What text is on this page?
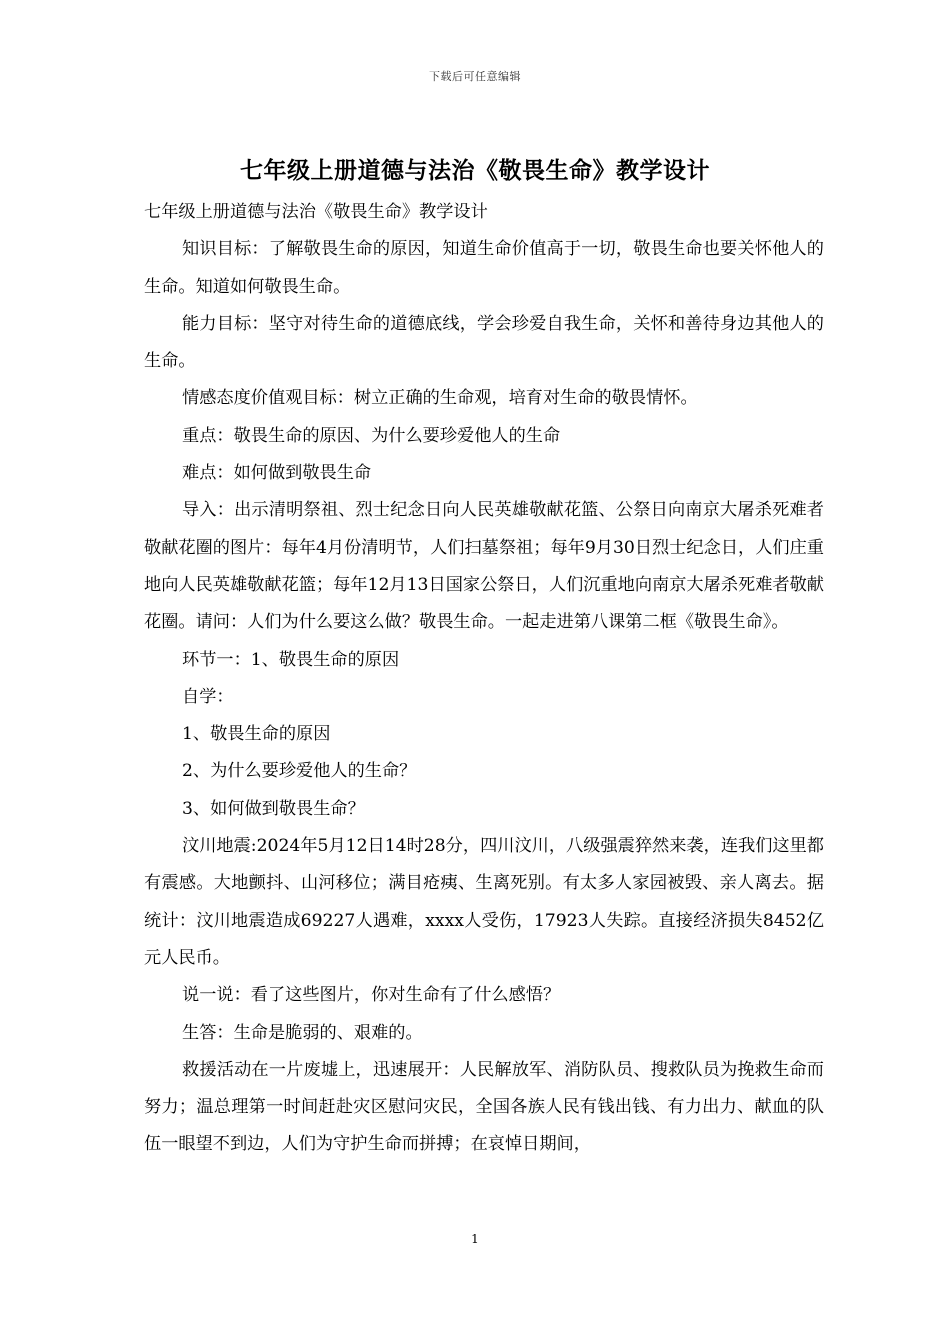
下载后可任意编辑
七年级上册道德与法治《敬畏生命》教学设计

七年级上册道德与法治《敬畏生命》教学设计

知识目标：了解敬畏生命的原因，知道生命价值高于一切，敬畏生命也要关怀他人的生命。知道如何敬畏生命。

能力目标：坚守对待生命的道德底线，学会珍爱自我生命，关怀和善待身边其他人的生命。

情感态度价值观目标：树立正确的生命观，培育对生命的敬畏情怀。

重点：敬畏生命的原因、为什么要珍爱他人的生命

难点：如何做到敬畏生命

导入：出示清明祭祖、烈士纪念日向人民英雄敬献花篮、公祭日向南京大屠杀死难者敬献花圈的图片：每年4月份清明节，人们扫墓祭祖；每年9月30日烈士纪念日，人们庄重地向人民英雄敬献花篮；每年12月13日国家公祭日，人们沉重地向南京大屠杀死难者敬献花圈。请问：人们为什么要这么做？敬畏生命。一起走进第八课第二框《敬畏生命》。

环节一：1、敬畏生命的原因

自学：

1、敬畏生命的原因

2、为什么要珍爱他人的生命？

3、如何做到敬畏生命？

汶川地震:2024年5月12日14时28分，四川汶川，八级强震猝然来袭，连我们这里都有震感。大地颤抖、山河移位；满目疮痍、生离死别。有太多人家园被毁、亲人离去。据统计：汶川地震造成69227人遇难，xxxx人受伤，17923人失踪。直接经济损失8452亿元人民币。

说一说：看了这些图片，你对生命有了什么感悟？

生答：生命是脆弱的、艰难的。

救援活动在一片废墟上，迅速展开：人民解放军、消防队员、搜救队员为挽救生命而努力；温总理第一时间赶赴灾区慰问灾民，全国各族人民有钱出钱、有力出力、献血的队伍一眼望不到边，人们为守护生命而拼搏；在哀悼日期间，

1
